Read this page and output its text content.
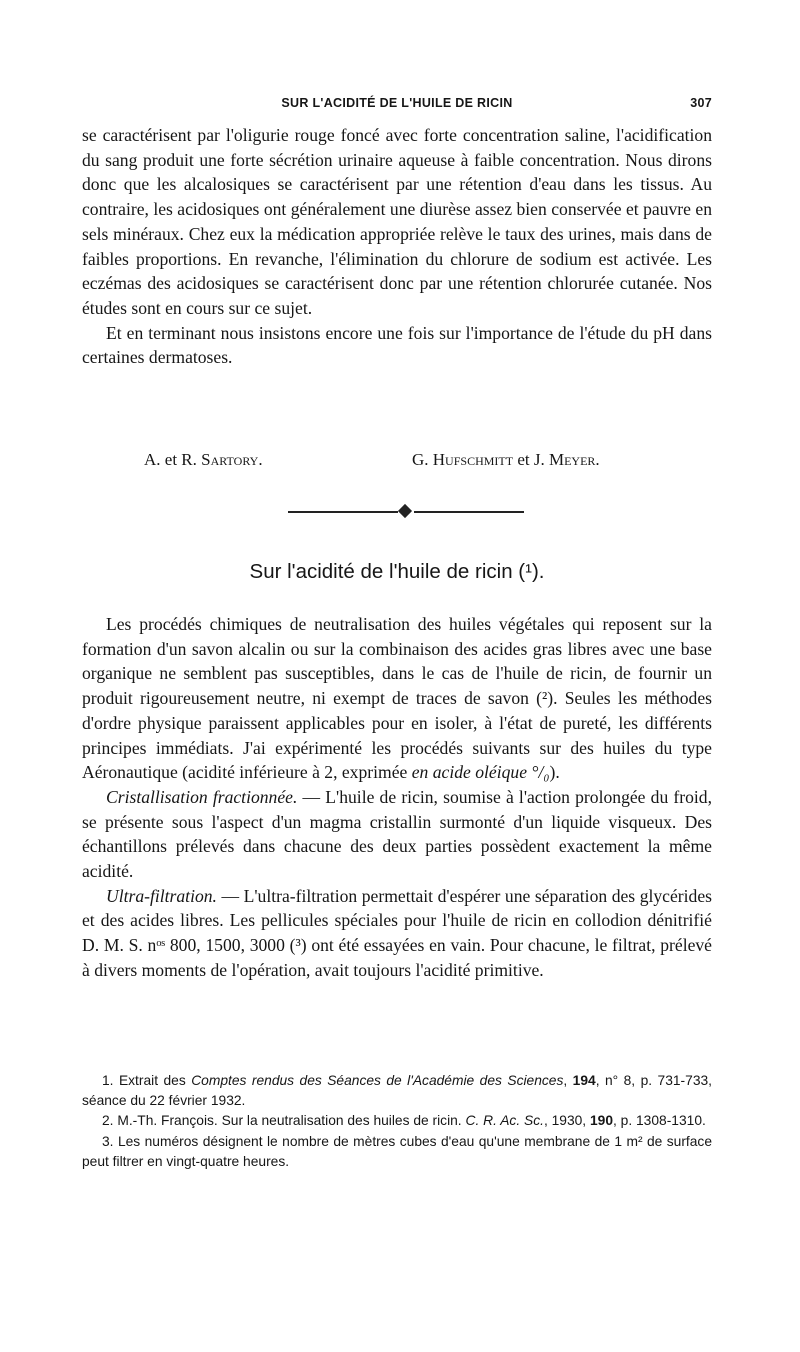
SUR L'ACIDITÉ DE L'HUILE DE RICIN	307

se caractérisent par l'oligurie rouge foncé avec forte concentration saline, l'acidification du sang produit une forte sécrétion urinaire aqueuse à faible concentration. Nous dirons donc que les alcalosiques se caractérisent par une rétention d'eau dans les tissus. Au contraire, les acidosiques ont généralement une diurèse assez bien conservée et pauvre en sels minéraux. Chez eux la médication appropriée relève le taux des urines, mais dans de faibles proportions. En revanche, l'élimination du chlorure de sodium est activée. Les eczémas des acidosiques se caractérisent donc par une rétention chlorurée cutanée. Nos études sont en cours sur ce sujet.

Et en terminant nous insistons encore une fois sur l'importance de l'étude du pH dans certaines dermatoses.

A. et R. Sartory.	G. Hufschmitt et J. Meyer.
Sur l'acidité de l'huile de ricin (¹).

Les procédés chimiques de neutralisation des huiles végétales qui reposent sur la formation d'un savon alcalin ou sur la combinaison des acides gras libres avec une base organique ne semblent pas susceptibles, dans le cas de l'huile de ricin, de fournir un produit rigoureusement neutre, ni exempt de traces de savon (²). Seules les méthodes d'ordre physique paraissent applicables pour en isoler, à l'état de pureté, les différents principes immédiats. J'ai expérimenté les procédés suivants sur des huiles du type Aéronautique (acidité inférieure à 2, exprimée en acide oléique °/₀).

Cristallisation fractionnée. — L'huile de ricin, soumise à l'action prolongée du froid, se présente sous l'aspect d'un magma cristallin surmonté d'un liquide visqueux. Des échantillons prélevés dans chacune des deux parties possèdent exactement la même acidité.

Ultra-filtration. — L'ultra-filtration permettait d'espérer une séparation des glycérides et des acides libres. Les pellicules spéciales pour l'huile de ricin en collodion dénitrifié D. M. S. nᵒˢ 800, 1500, 3000 (³) ont été essayées en vain. Pour chacune, le filtrat, prélevé à divers moments de l'opération, avait toujours l'acidité primitive.

1. Extrait des Comptes rendus des Séances de l'Académie des Sciences, 194, n° 8, p. 731-733, séance du 22 février 1932.

2. M.-Th. François. Sur la neutralisation des huiles de ricin. C. R. Ac. Sc., 1930, 190, p. 1308-1310.

3. Les numéros désignent le nombre de mètres cubes d'eau qu'une membrane de 1 m² de surface peut filtrer en vingt-quatre heures.
